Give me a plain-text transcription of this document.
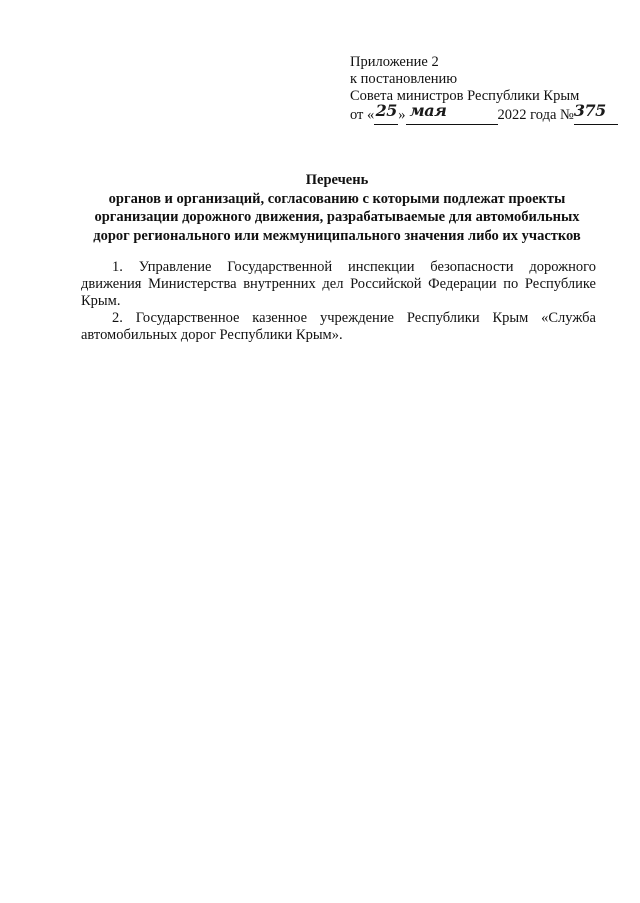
Приложение 2
к постановлению
Совета министров Республики Крым
от «25» мая	2022 года №375
Перечень
органов и организаций, согласованию с которыми подлежат проекты
организации дорожного движения, разрабатываемые для автомобильных
дорог регионального или межмуниципального значения либо их участков
1. Управление Государственной инспекции безопасности дорожного
движения Министерства внутренних дел Российской Федерации по Республике
Крым.
2. Государственное казенное учреждение Республики Крым «Служба
автомобильных дорог Республики Крым».
